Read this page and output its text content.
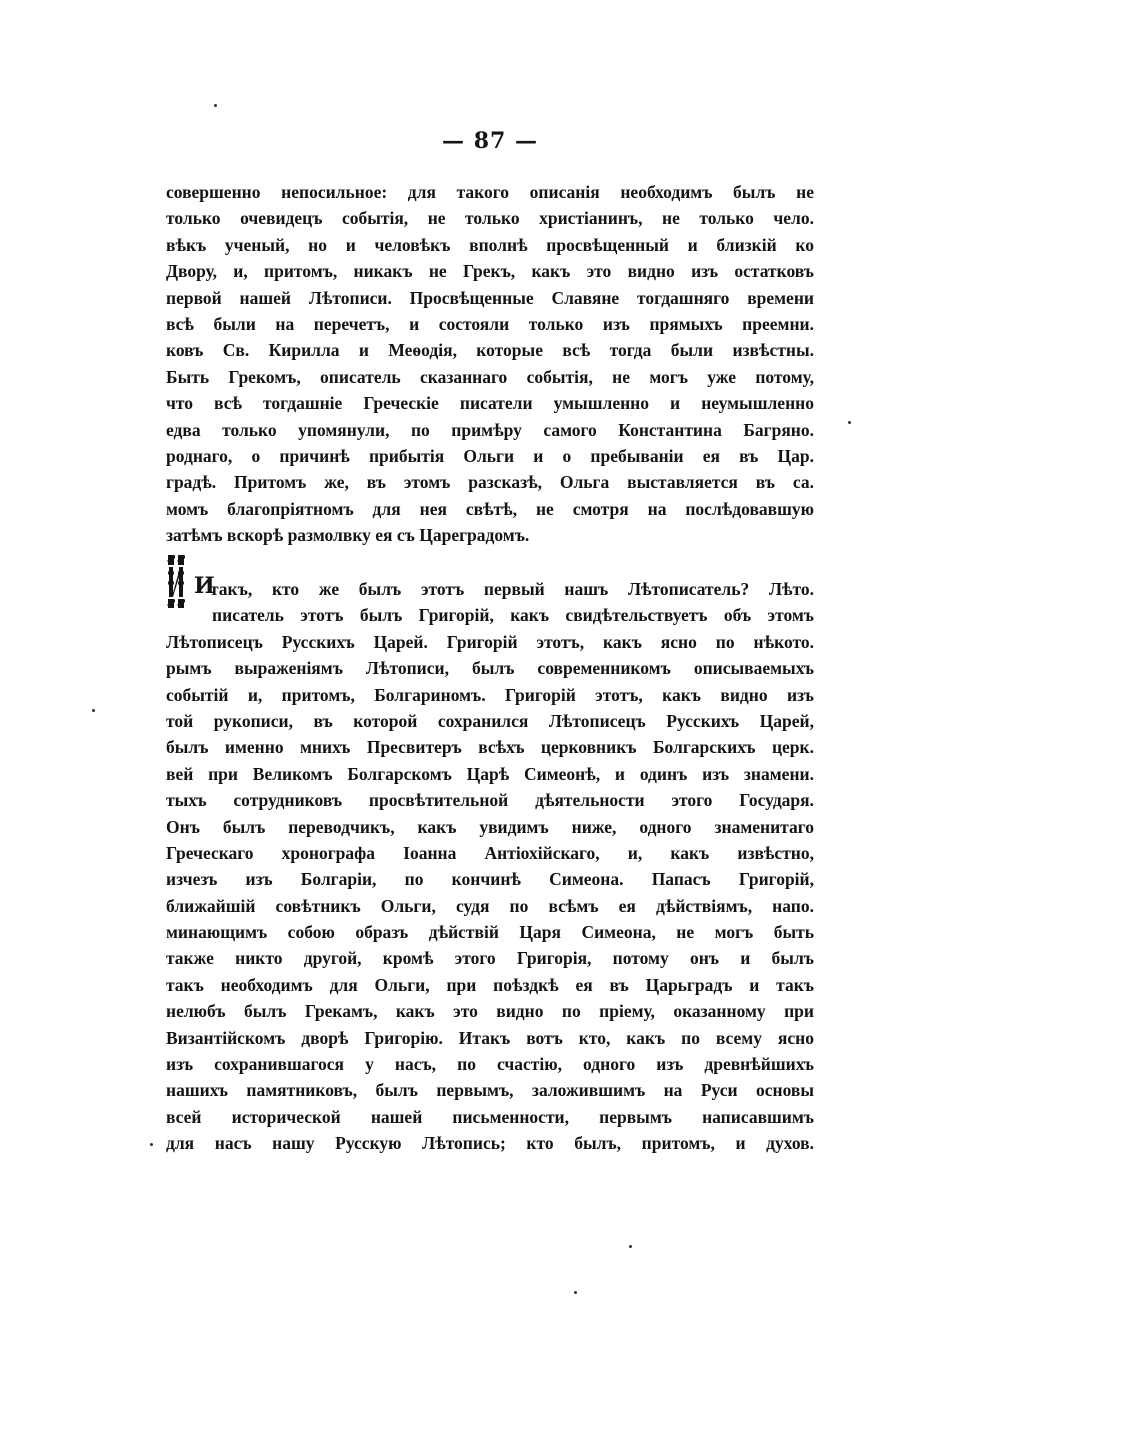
— 87 —
совершенно непосильное: для такого описанія необходимъ былъ не
только очевидецъ событія, не только христіанинъ, не только чело.
вѣкъ ученый, но и человѣкъ вполнѣ просвѣщенный и близкій ко
Двору, и, притомъ, никакъ не Грекъ, какъ это видно изъ остатковъ
первой нашей Лѣтописи. Просвѣщенные Славяне тогдашняго времени
всѣ были на перечетъ, и состояли только изъ прямыхъ преемни.
ковъ Св. Кирилла и Меѳодія, которые всѣ тогда были извѣстны.
Быть Грекомъ, описатель сказаннаго событія, не могъ уже потому,
что всѣ тогдашніе Греческіе писатели умышленно и неумышленно
едва только упомянули, по примѣру самого Константина Багряно.
роднаго, о причинѣ прибытія Ольги и о пребываніи ея въ Цар.
градѣ. Притомъ же, въ этомъ разсказѣ, Ольга выставляется въ са.
момъ благопріятномъ для нея свѣтѣ, не смотря на послѣдовавшую
затѣмъ вскорѣ размолвку ея съ Цареградомъ.
И
такъ, кто же былъ этотъ первый нашъ Лѣтописатель? Лѣто.
писатель этотъ былъ Григорій, какъ свидѣтельствуетъ объ этомъ
Лѣтописецъ Русскихъ Царей. Григорій этотъ, какъ ясно по нѣкото.
рымъ выраженіямъ Лѣтописи, былъ современникомъ описываемыхъ
событій и, притомъ, Болгариномъ. Григорій этотъ, какъ видно изъ
той рукописи, въ которой сохранился Лѣтописецъ Русскихъ Царей,
былъ именно мнихъ Пресвитеръ всѣхъ церковникъ Болгарскихъ церк.
вей при Великомъ Болгарскомъ Царѣ Симеонѣ, и одинъ изъ знамени.
тыхъ сотрудниковъ просвѣтительной дѣятельности этого Государя.
Онъ былъ переводчикъ, какъ увидимъ ниже, одного знаменитаго
Греческаго хронографа Іоанна Антіохійскаго, и, какъ извѣстно,
изчезъ изъ Болгаріи, по кончинѣ Симеона. Папасъ Григорій,
ближайшій совѣтникъ Ольги, судя по всѣмъ ея дѣйствіямъ, напо.
минающимъ собою образъ дѣйствій Царя Симеона, не могъ быть
также никто другой, кромѣ этого Григорія, потому онъ и былъ
такъ необходимъ для Ольги, при поѣздкѣ ея въ Царьградъ и такъ
нелюбъ былъ Грекамъ, какъ это видно по пріему, оказанному при
Византійскомъ дворѣ Григорію. Итакъ вотъ кто, какъ по всему ясно
изъ сохранившагося у насъ, по счастію, одного изъ древнѣйшихъ
нашихъ памятниковъ, былъ первымъ, заложившимъ на Руси основы
всей исторической нашей письменности, первымъ написавшимъ
для насъ нашу Русскую Лѣтопись; кто былъ, притомъ, и духов.
